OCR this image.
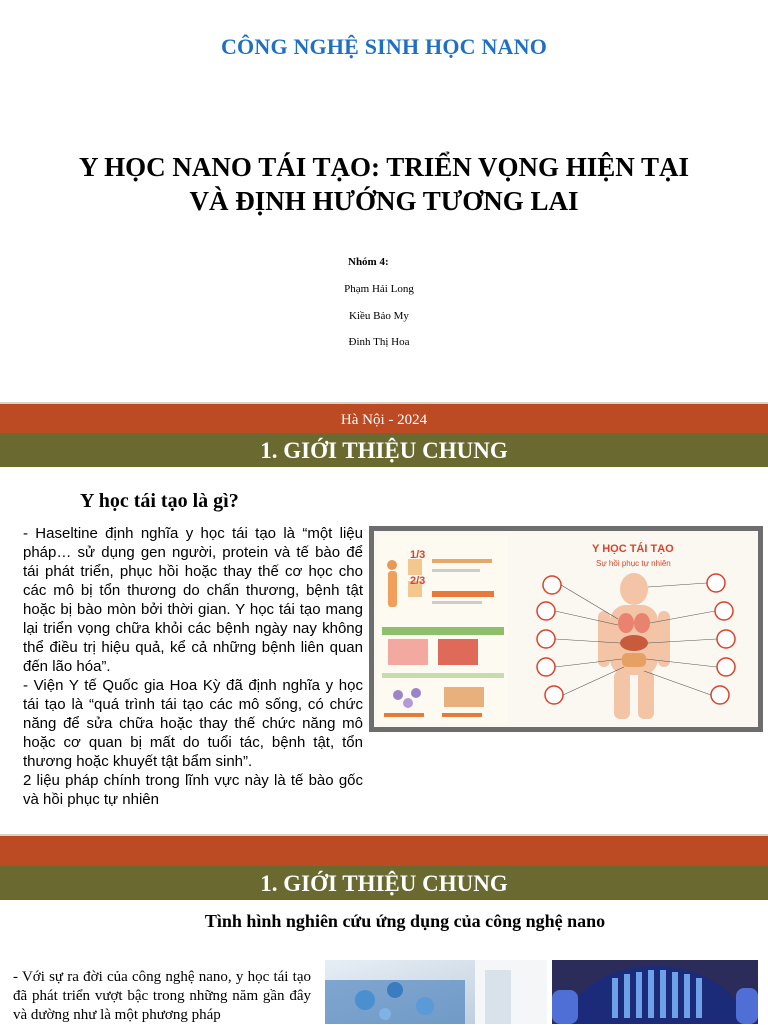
CÔNG NGHỆ SINH HỌC NANO
Y HỌC NANO TÁI TẠO: TRIỂN VỌNG HIỆN TẠI VÀ ĐỊNH HƯỚNG TƯƠNG LAI
Nhóm 4:
Phạm Hải Long
Kiều Bảo My
Đinh Thị Hoa
Hà Nội - 2024
1. GIỚI THIỆU CHUNG
Y học tái tạo là gì?
- Haseltine định nghĩa y học tái tạo là “một liệu pháp… sử dụng gen người, protein và tế bào để tái phát triển, phục hồi hoặc thay thế cơ học cho các mô bị tổn thương do chấn thương, bệnh tật hoặc bị bào mòn bởi thời gian. Y học tái tạo mang lại triển vọng chữa khỏi các bệnh ngày nay không thể điều trị hiệu quả, kể cả những bệnh liên quan đến lão hóa”.
- Viện Y tế Quốc gia Hoa Kỳ đã định nghĩa y học tái tạo là “quá trình tái tạo các mô sống, có chức năng để sửa chữa hoặc thay thế chức năng mô hoặc cơ quan bị mất do tuổi tác, bệnh tật, tổn thương hoặc khuyết tật bẩm sinh”.
2 liệu pháp chính trong lĩnh vực này là tế bào gốc và hồi phục tự nhiên
1/3
2/3
Y HỌC TÁI TẠO
Sự hồi phục tự nhiên
1. GIỚI THIỆU CHUNG
Tình hình nghiên cứu ứng dụng của công nghệ nano
- Với sự ra đời của công nghệ nano, y học tái tạo đã phát triển vượt bậc trong những năm gần đây và dường như là một phương pháp
